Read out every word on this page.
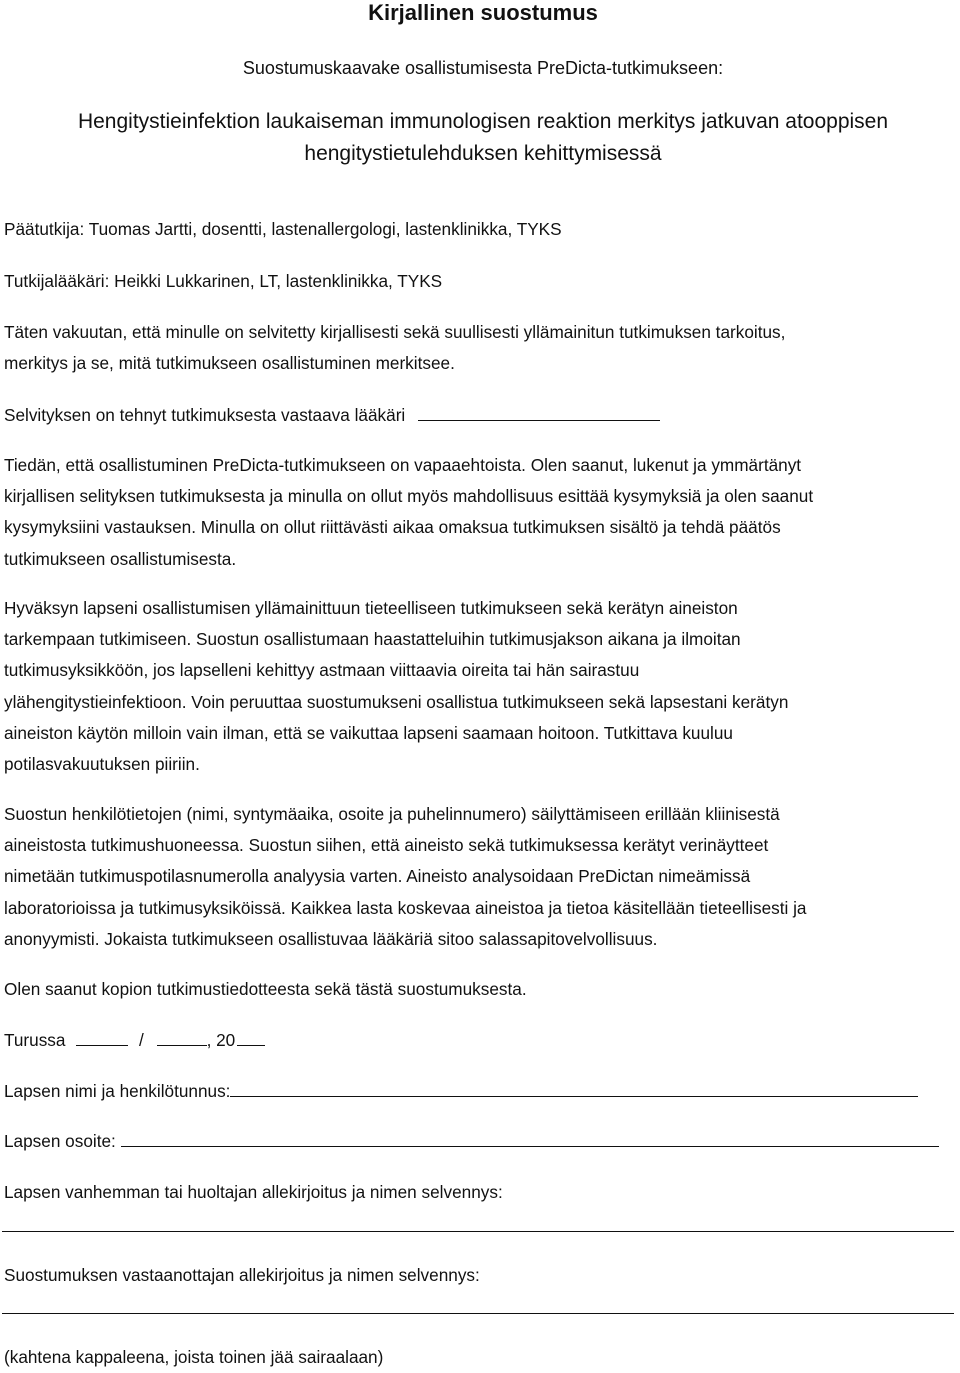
Kirjallinen suostumus
Suostumuskaavake osallistumisesta PreDicta-tutkimukseen:
Hengitystieinfektion laukaiseman immunologisen reaktion merkitys jatkuvan atooppisen
hengitystietulehduksen kehittymisessä
Päätutkija: Tuomas Jartti, dosentti, lastenallergologi, lastenklinikka, TYKS
Tutkijalääkäri: Heikki Lukkarinen, LT, lastenklinikka, TYKS
Täten vakuutan, että minulle on selvitetty kirjallisesti sekä suullisesti yllämainitun tutkimuksen tarkoitus,
merkitys ja se, mitä tutkimukseen osallistuminen merkitsee.
Selvityksen on tehnyt tutkimuksesta vastaava lääkäri
Tiedän, että osallistuminen PreDicta-tutkimukseen on vapaaehtoista. Olen saanut, lukenut ja ymmärtänyt
kirjallisen selityksen tutkimuksesta ja minulla on ollut myös mahdollisuus esittää kysymyksiä ja olen saanut
kysymyksiini vastauksen. Minulla on ollut riittävästi aikaa omaksua tutkimuksen sisältö ja tehdä päätös
tutkimukseen osallistumisesta.
Hyväksyn lapseni osallistumisen yllämainittuun tieteelliseen tutkimukseen sekä kerätyn aineiston
tarkempaan tutkimiseen. Suostun osallistumaan haastatteluihin tutkimusjakson aikana ja ilmoitan
tutkimusyksikköön, jos lapselleni kehittyy astmaan viittaavia oireita tai hän sairastuu
ylähengitystieinfektioon. Voin peruuttaa suostumukseni osallistua tutkimukseen sekä lapsestani kerätyn
aineiston käytön milloin vain ilman, että se vaikuttaa lapseni saamaan hoitoon. Tutkittava kuuluu
potilasvakuutuksen piiriin.
Suostun henkilötietojen (nimi, syntymäaika, osoite ja puhelinnumero) säilyttämiseen erillään kliinisestä
aineistosta tutkimushuoneessa. Suostun siihen, että aineisto sekä tutkimuksessa kerätyt verinäytteet
nimetään tutkimuspotilasnumerolla analyysia varten. Aineisto analysoidaan PreDictan nimeämissä
laboratorioissa ja tutkimusyksiköissä. Kaikkea lasta koskevaa aineistoa ja tietoa käsitellään tieteellisesti ja
anonyymisti. Jokaista tutkimukseen osallistuvaa lääkäriä sitoo salassapitovelvollisuus.
Olen saanut kopion tutkimustiedotteesta sekä tästä suostumuksesta.
Turussa	/	, 20
Lapsen nimi ja henkilötunnus:
Lapsen osoite:
Lapsen vanhemman tai huoltajan allekirjoitus ja nimen selvennys:
Suostumuksen vastaanottajan allekirjoitus ja nimen selvennys:
(kahtena kappaleena, joista toinen jää sairaalaan)
